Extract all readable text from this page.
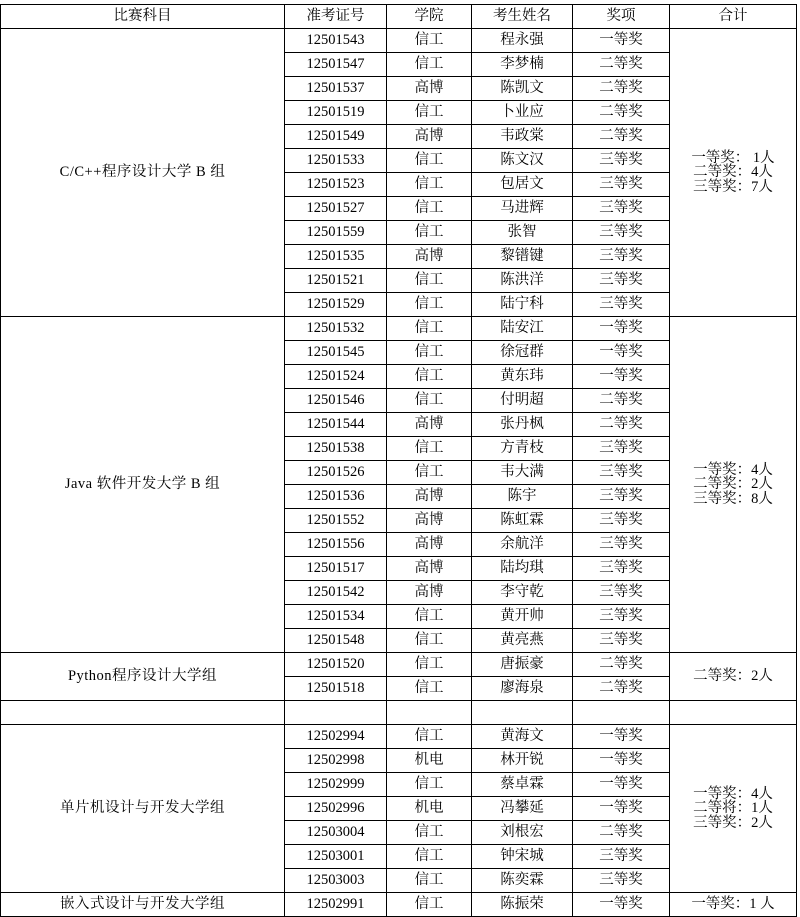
比赛科目	准考证号	学院	考生姓名	奖项	合计
C/C++程序设计大学 B 组	12501543	信工	程永强	一等奖	一等奖： 1人
二等奖：4人
三等奖：7人

	12501547	信工	李梦楠	二等奖	
	12501537	高博	陈凯文	二等奖	
	12501519	信工	卜业应	二等奖	
	12501549	高博	韦政棠	二等奖	
	12501533	信工	陈文汉	三等奖	
	12501523	信工	包居文	三等奖	
	12501527	信工	马进辉	三等奖	
	12501559	信工	张智	三等奖	
	12501535	高博	黎镨键	三等奖	
	12501521	信工	陈洪洋	三等奖	
	12501529	信工	陆宁科	三等奖	
Java 软件开发大学 B 组	12501532	信工	陆安江	一等奖	一等奖：4人
二等奖：2人
三等奖：8人

	12501545	信工	徐冠群	一等奖	
	12501524	信工	黄东玮	一等奖	
	12501546	信工	付明超	二等奖	
	12501544	高博	张丹枫	二等奖	
	12501538	信工	方青枝	三等奖	
	12501526	信工	韦大满	三等奖	
	12501536	高博	陈宇	三等奖	
	12501552	高博	陈虹霖	三等奖	
	12501556	高博	余航洋	三等奖	
	12501517	高博	陆均琪	三等奖	
	12501542	高博	李守乾	三等奖	
	12501534	信工	黄开帅	三等奖	
	12501548	信工	黄亮燕	三等奖	
Python程序设计大学组	12501520	信工	唐振豪	二等奖	二等奖：2人

	12501518	信工	廖海泉	二等奖	

单片机设计与开发大学组	12502994	信工	黄海文	一等奖	一等奖：4人
二等将：1人
三等奖：2人

	12502998	机电	林开锐	一等奖	
	12502999	信工	蔡卓霖	一等奖	
	12502996	机电	冯攀延	一等奖	
	12503004	信工	刘根宏	二等奖	
	12503001	信工	钟宋城	三等奖	
	12503003	信工	陈奕霖	三等奖	
嵌入式设计与开发大学组	12502991	信工	陈振荣	一等奖	一等奖：1 人
